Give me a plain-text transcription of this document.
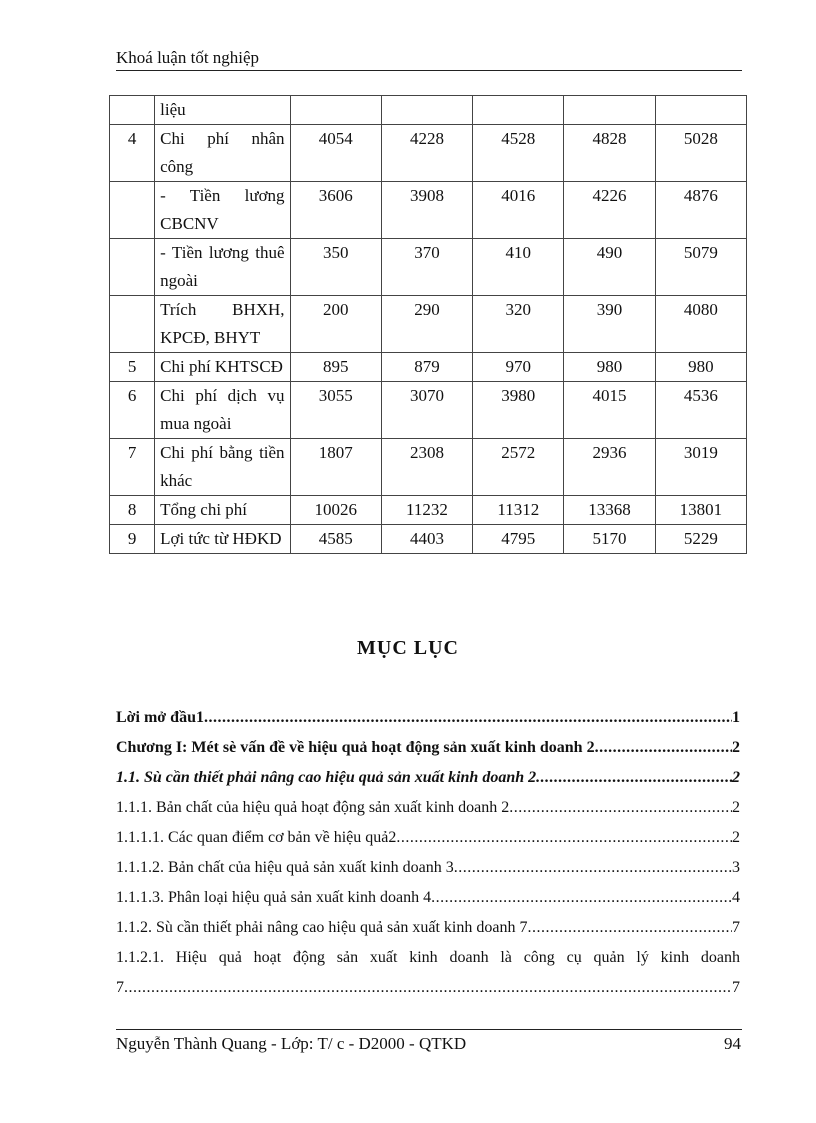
Khoá luận tốt nghiệp
	liệu					
4	Chi phí nhân công	4054	4228	4528	4828	5028
	- Tiền lương CBCNV	3606	3908	4016	4226	4876
	- Tiền lương thuê ngoài	350	370	410	490	5079
	Trích BHXH, KPCĐ, BHYT	200	290	320	390	4080
5	Chi phí KHTSCĐ	895	879	970	980	980
6	Chi phí dịch vụ mua ngoài	3055	3070	3980	4015	4536
7	Chi phí bằng tiền khác	1807	2308	2572	2936	3019
8	Tổng chi phí	10026	11232	11312	13368	13801
9	Lợi tức từ HĐKD	4585	4403	4795	5170	5229
MỤC LỤC
Lời mở đầu1 .....	1
Chương I: Mét sè vấn đề về hiệu quả hoạt động sản xuất kinh doanh 2 .....	2
1.1. Sù cần thiết phải nâng cao hiệu quả sản xuất kinh doanh 2 .....	2
1.1.1. Bản chất của hiệu quả hoạt động sản xuất kinh doanh 2 .....	2
1.1.1.1. Các quan điểm cơ bản về hiệu quả2 .....	2
1.1.1.2. Bản chất của hiệu quả sản xuất kinh doanh 3 .....	3
1.1.1.3. Phân loại hiệu quả sản xuất kinh doanh 4 .....	4
1.1.2. Sù cần thiết phải nâng cao hiệu quả sản xuất kinh doanh 7 .....	7
1.1.2.1. Hiệu quả hoạt động sản xuất kinh doanh là công cụ quản lý kinh doanh
7 .....	7
Nguyễn Thành Quang - Lớp: T/ c - D2000 - QTKD	94
